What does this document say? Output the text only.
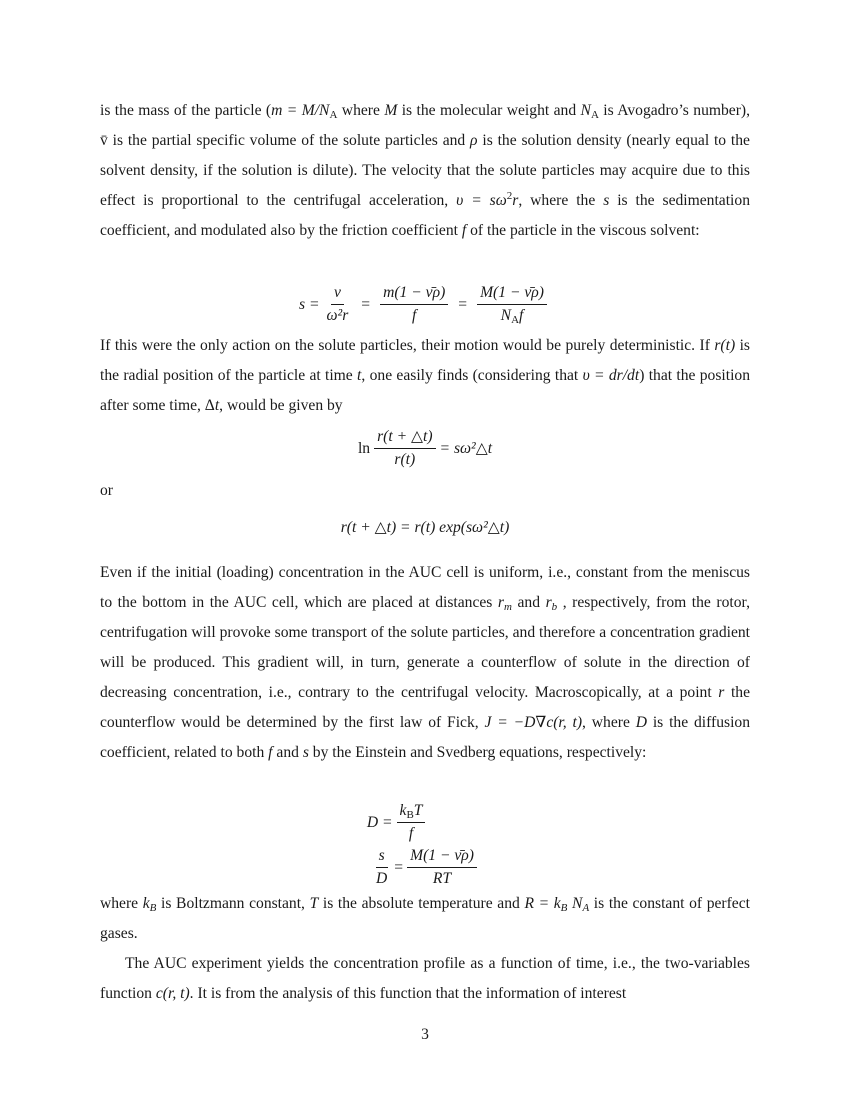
is the mass of the particle ($m = M/N_A$ where M is the molecular weight and $N_A$ is Avogadro’s number), v̄ is the partial specific volume of the solute particles and ρ is the solution density (nearly equal to the solvent density, if the solution is dilute). The velocity that the solute particles may acquire due to this effect is proportional to the centrifugal acceleration, $\upsilon = s\omega^2r$, where the s is the sedimentation coefficient, and modulated also by the friction coefficient f of the particle in the viscous solvent:

$s = \frac{\nu}{\text{ω²r}} = \frac{m(1 - \nū\rho)}{f} = \frac{M(1 - \nū\rho)}{N_Af}$

If this were the only action on the solute particles, their motion would be purely deterministic. If r(t) is the radial position of the particle at time t, one easily finds (considering that υ = dr/dt) that the position after some time, Δt, would be given by

$\ln \frac{r(t + \triangle t)}{r(t)}$ = sω²△t

or

r(t + △t) = r(t) exp(sω²△t)

Even if the initial (loading) concentration in the AUC cell is uniform, i.e., constant from the meniscus to the bottom in the AUC cell, which are placed at distances $r_m$ and $r_b$ , respectively, from the rotor, centrifugation will provoke some transport of the solute particles, and therefore a concentration gradient will be produced. This gradient will, in turn, generate a counterflow of solute in the direction of decreasing concentration, i.e., contrary to the centrifugal velocity. Macroscopically, at a point r the counterflow would be determined by the first law of Fick, J = −D∇c(r, t), where D is the diffusion coefficient, related to both f and s by the Einstein and Svedberg equations, respectively:

$D = \frac{k_BT}{f}$
$\frac{s}{D} = \frac{M(1 - \nū\rho)}{RT}$

where $k_B$ is Boltzmann constant, T is the absolute temperature and $R = k_B$ $N_A$ is the constant of perfect gases.

The AUC experiment yields the concentration profile as a function of time, i.e., the two-variables function c(r, t). It is from the analysis of this function that the information of interest

3
